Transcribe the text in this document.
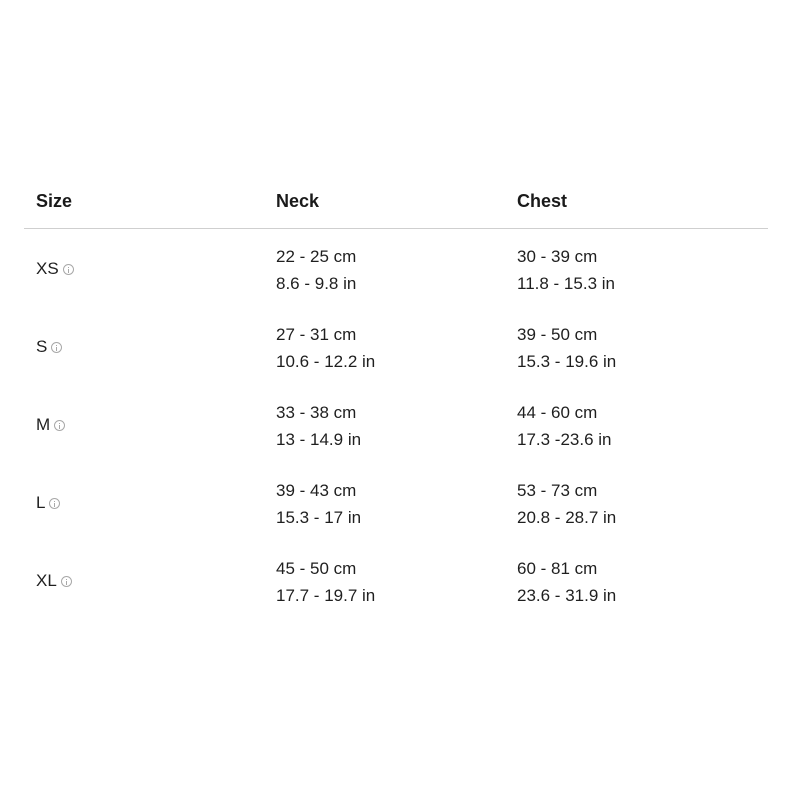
Size	Neck	Chest
XS
22 - 25 cm
8.6 - 9.8 in
30 - 39 cm
11.8 - 15.3 in
S
27 - 31 cm
10.6 - 12.2 in
39 - 50 cm
15.3 - 19.6 in
M
33 - 38 cm
13 - 14.9 in
44 - 60 cm
17.3 -23.6 in
L
39 - 43 cm
15.3 - 17 in
53 - 73 cm
20.8 - 28.7 in
XL
45 - 50 cm
17.7 - 19.7 in
60 - 81 cm
23.6 - 31.9 in
